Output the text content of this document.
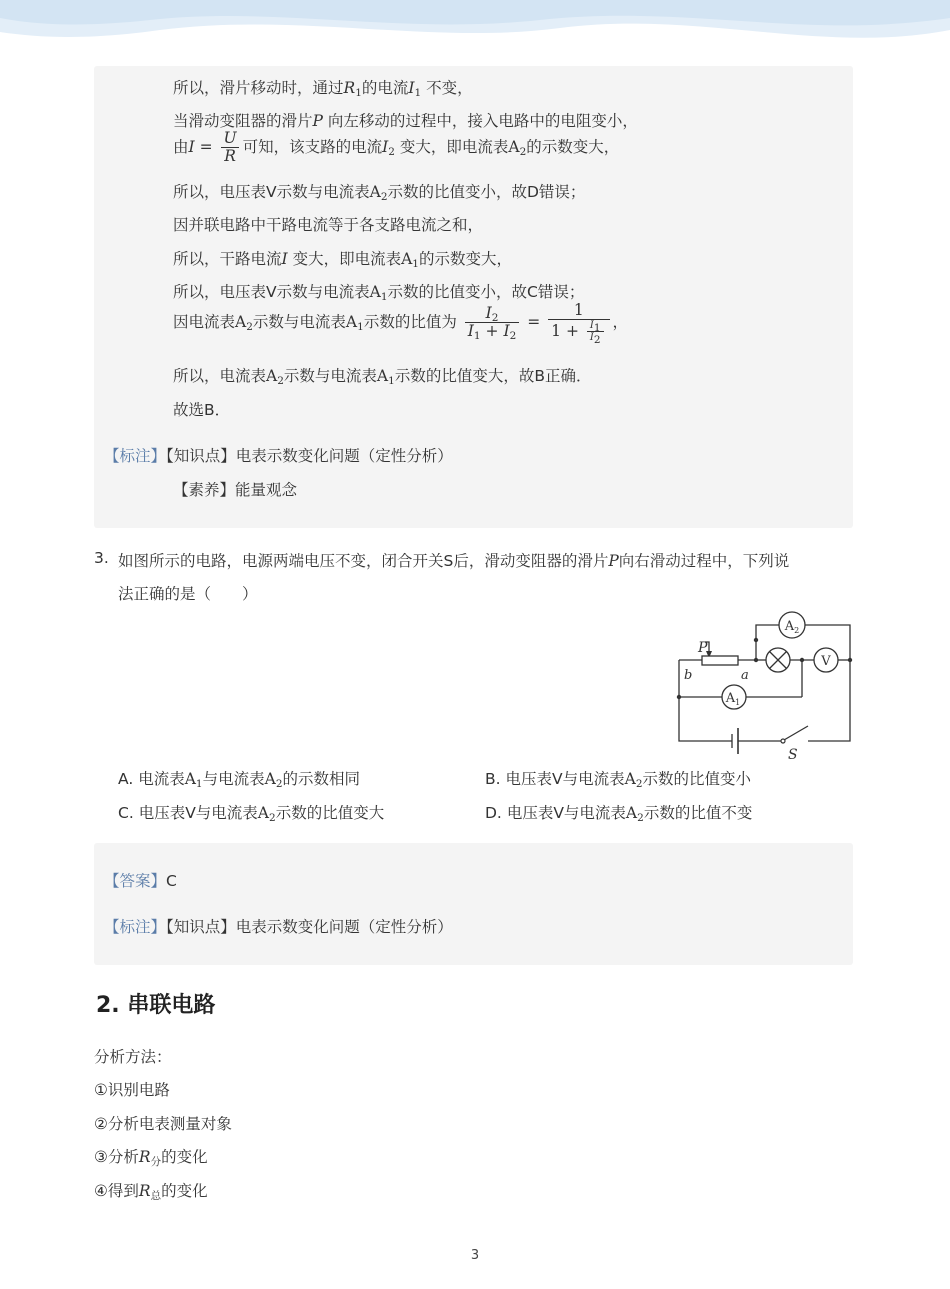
所以，滑片移动时，通过$R_1$的电流$I_1$ 不变，
当滑动变阻器的滑片P 向左移动的过程中，接入电路中的电阻变小，
由$I = \frac{U}{R}$ 可知，该支路的电流$I_2$ 变大，即电流表$A_2$的示数变大，
所以，电压表V示数与电流表$A_2$示数的比值变小，故D错误；
因并联电路中干路电流等于各支路电流之和，
所以，干路电流I 变大，即电流表$A_1$的示数变大，
所以，电压表V示数与电流表$A_1$示数的比值变小，故C错误；
因电流表$A_2$示数与电流表$A_1$示数的比值为 $\frac{I_2}{I_1 + I_2} = \frac{1}{1 + \frac{I_1}{I_2}}$ ，
所以，电流表$A_2$示数与电流表$A_1$示数的比值变大，故B正确．
故选B．
【标注】【知识点】电表示数变化问题（定性分析）
【素养】能量观念
3. 如图所示的电路，电源两端电压不变，闭合开关S后，滑动变阻器的滑片P向右滑动过程中，下列说
法正确的是（　　）
$A_2$
V
$A_1$
P
b	a
S
A. 电流表$A_1$与电流表$A_2$的示数相同	B. 电压表V与电流表$A_2$示数的比值变小
C. 电压表V与电流表$A_2$示数的比值变大	D. 电压表V与电流表$A_2$示数的比值不变
【答案】C
【标注】【知识点】电表示数变化问题（定性分析）
2. 串联电路
分析方法：
①识别电路
②分析电表测量对象
③分析$R_分$的变化
④得到$R_总$的变化
3
